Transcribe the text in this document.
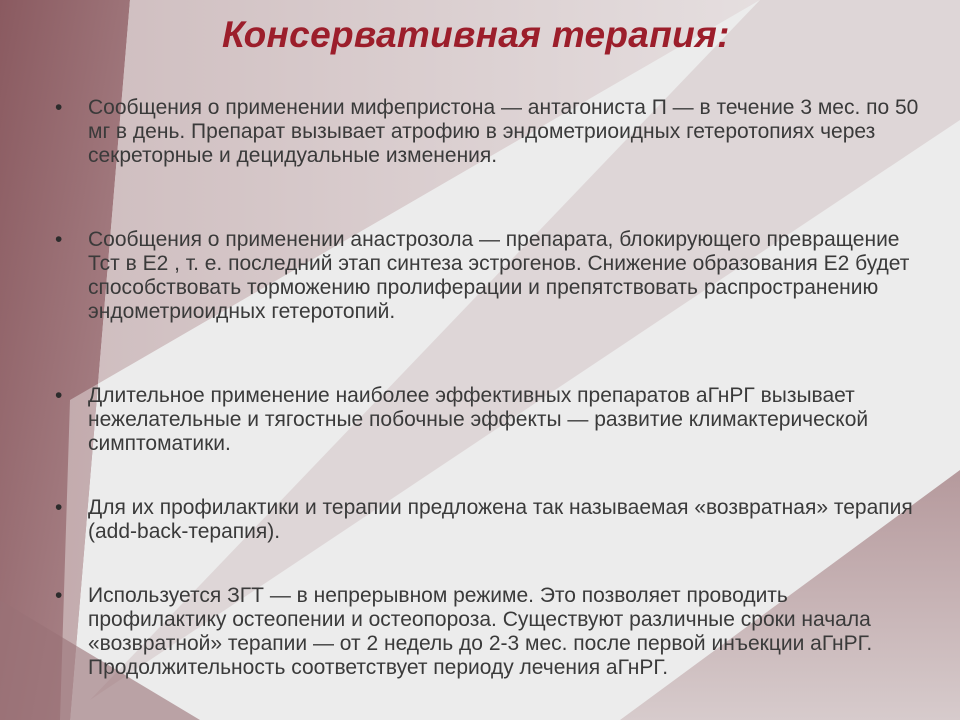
Консервативная терапия:
• Сообщения о применении мифепристона — антагониста П — в течение 3 мес. по 50 мг в день. Препарат вызывает атрофию в эндометриоидных гетеротопиях через секреторные и децидуальные изменения.
• Сообщения о применении анастрозола — препарата, блокирующего превращение Тст в Е2 , т. е. последний этап синтеза эстрогенов. Снижение образования Е2 будет способствовать торможению пролиферации и препятствовать распространению эндометриоидных гетеротопий.
• Длительное применение наиболее эффективных препаратов аГнРГ вызывает нежелательные и тягостные побочные эффекты — развитие климактерической симптоматики.
• Для их профилактики и терапии предложена так называемая «возвратная» терапия (add-back-терапия).
• Используется ЗГТ — в непрерывном режиме. Это позволяет проводить профилактику остеопении и остеопороза. Существуют различные сроки начала «возвратной» терапии — от 2 недель до 2-3 мес. после первой инъекции аГнРГ. Продолжительность соответствует периоду лечения аГнРГ.
